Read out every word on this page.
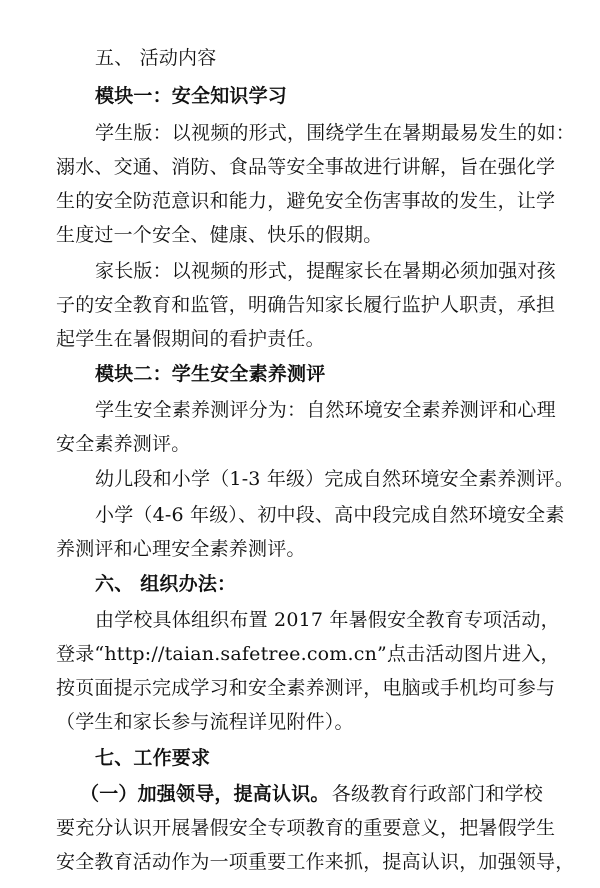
五、 活动内容
模块一：安全知识学习
学生版：以视频的形式，围绕学生在暑期最易发生的如：
溺水、交通、消防、食品等安全事故进行讲解，旨在强化学
生的安全防范意识和能力，避免安全伤害事故的发生，让学
生度过一个安全、健康、快乐的假期。
家长版：以视频的形式，提醒家长在暑期必须加强对孩
子的安全教育和监管，明确告知家长履行监护人职责，承担
起学生在暑假期间的看护责任。
模块二：学生安全素养测评
学生安全素养测评分为：自然环境安全素养测评和心理
安全素养测评。
幼儿段和小学（1-3 年级）完成自然环境安全素养测评。
小学（4-6 年级）、初中段、高中段完成自然环境安全素
养测评和心理安全素养测评。
六、 组织办法：
由学校具体组织布置 2017 年暑假安全教育专项活动，
登录“http://taian.safetree.com.cn”点击活动图片进入，
按页面提示完成学习和安全素养测评，电脑或手机均可参与
（学生和家长参与流程详见附件）。
七、工作要求
（一）加强领导，提高认识。 各级教育行政部门和学校
要充分认识开展暑假安全专项教育的重要意义，把暑假学生
安全教育活动作为一项重要工作来抓，提高认识，加强领导，
